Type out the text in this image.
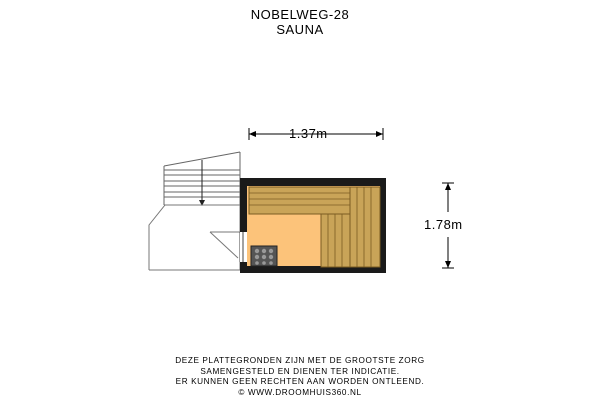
NOBELWEG-28
SAUNA
1.37m
1.78m
DEZE PLATTEGRONDEN ZIJN MET DE GROOTSTE ZORG
SAMENGESTELD EN DIENEN TER INDICATIE.
ER KUNNEN GEEN RECHTEN AAN WORDEN ONTLEEND.
© WWW.DROOMHUIS360.NL
